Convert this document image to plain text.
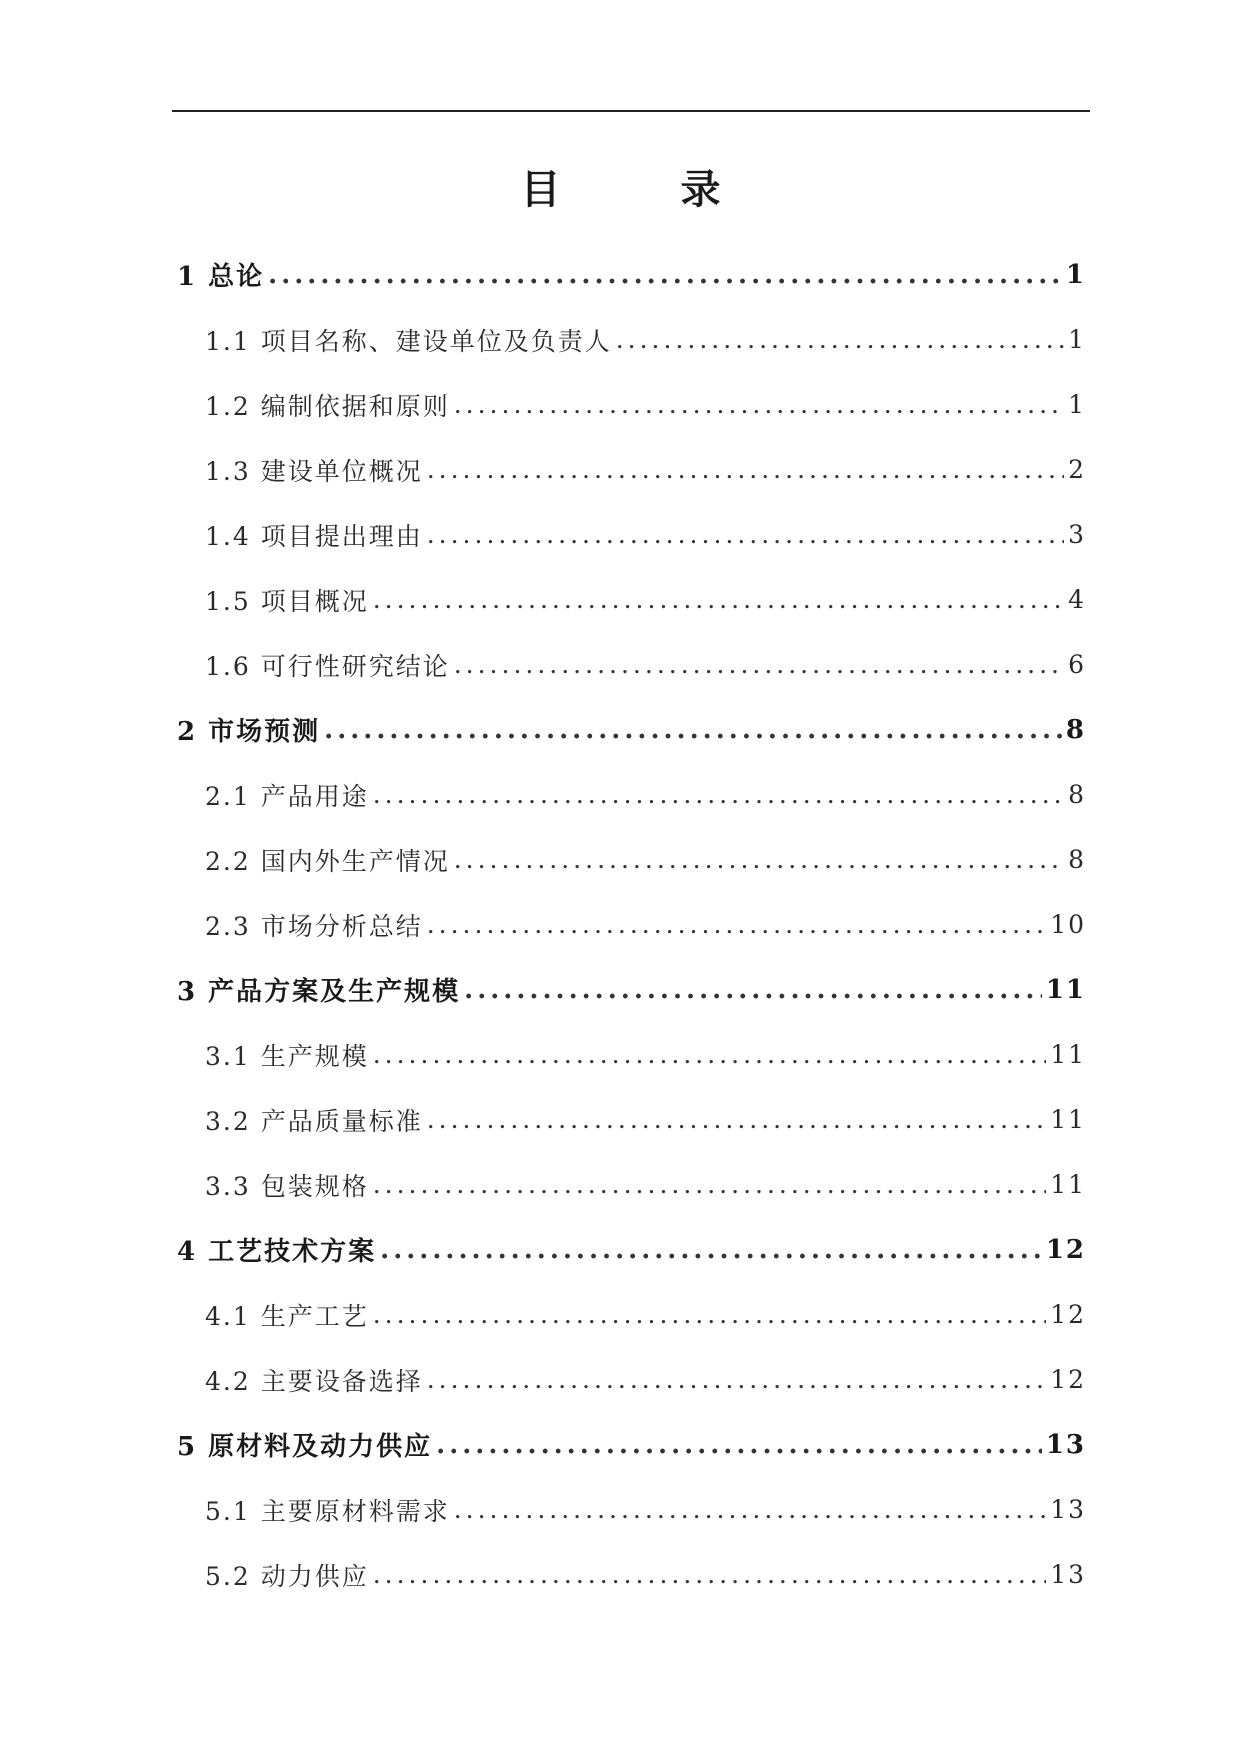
目　录
1 总论 .....	1
1.1 项目名称、建设单位及负责人 .....	1
1.2 编制依据和原则 .....	1
1.3 建设单位概况 .....	2
1.4 项目提出理由 .....	3
1.5 项目概况 .....	4
1.6 可行性研究结论 .....	6
2 市场预测 .....	8
2.1 产品用途 .....	8
2.2 国内外生产情况 .....	8
2.3 市场分析总结 .....	10
3 产品方案及生产规模 .....	11
3.1 生产规模 .....	11
3.2 产品质量标准 .....	11
3.3 包装规格 .....	11
4 工艺技术方案 .....	12
4.1 生产工艺 .....	12
4.2 主要设备选择 .....	12
5 原材料及动力供应 .....	13
5.1 主要原材料需求 .....	13
5.2 动力供应 .....	13
